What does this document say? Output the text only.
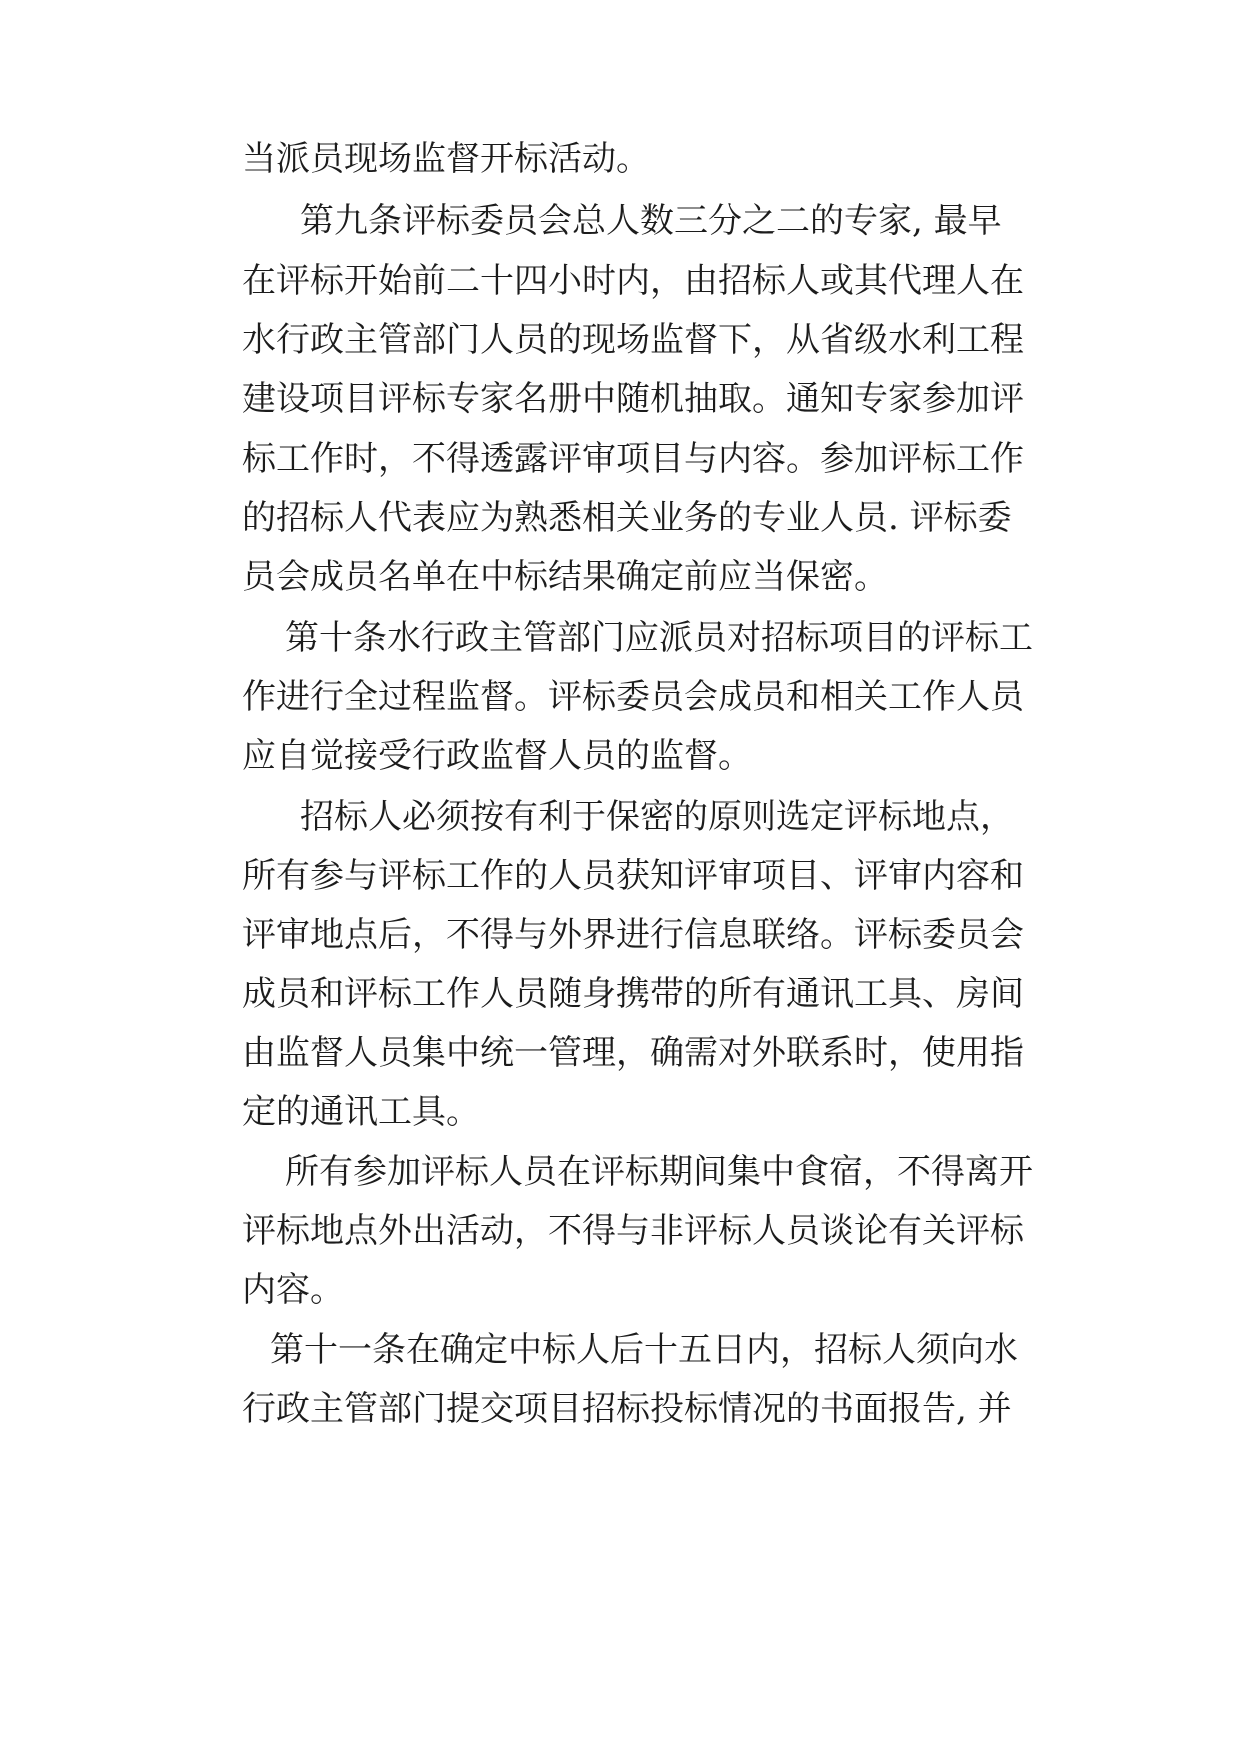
当派员现场监督开标活动。

第九条评标委员会总人数三分之二的专家, 最早

在评标开始前二十四小时内，由招标人或其代理人在

水行政主管部门人员的现场监督下，从省级水利工程

建设项目评标专家名册中随机抽取。通知专家参加评

标工作时，不得透露评审项目与内容。参加评标工作

的招标人代表应为熟悉相关业务的专业人员. 评标委

员会成员名单在中标结果确定前应当保密。

第十条水行政主管部门应派员对招标项目的评标工

作进行全过程监督。评标委员会成员和相关工作人员

应自觉接受行政监督人员的监督。

招标人必须按有利于保密的原则选定评标地点，

所有参与评标工作的人员获知评审项目、评审内容和

评审地点后，不得与外界进行信息联络。评标委员会

成员和评标工作人员随身携带的所有通讯工具、房间

由监督人员集中统一管理，确需对外联系时，使用指

定的通讯工具。

所有参加评标人员在评标期间集中食宿，不得离开

评标地点外出活动，不得与非评标人员谈论有关评标

内容。

第十一条在确定中标人后十五日内，招标人须向水

行政主管部门提交项目招标投标情况的书面报告, 并
